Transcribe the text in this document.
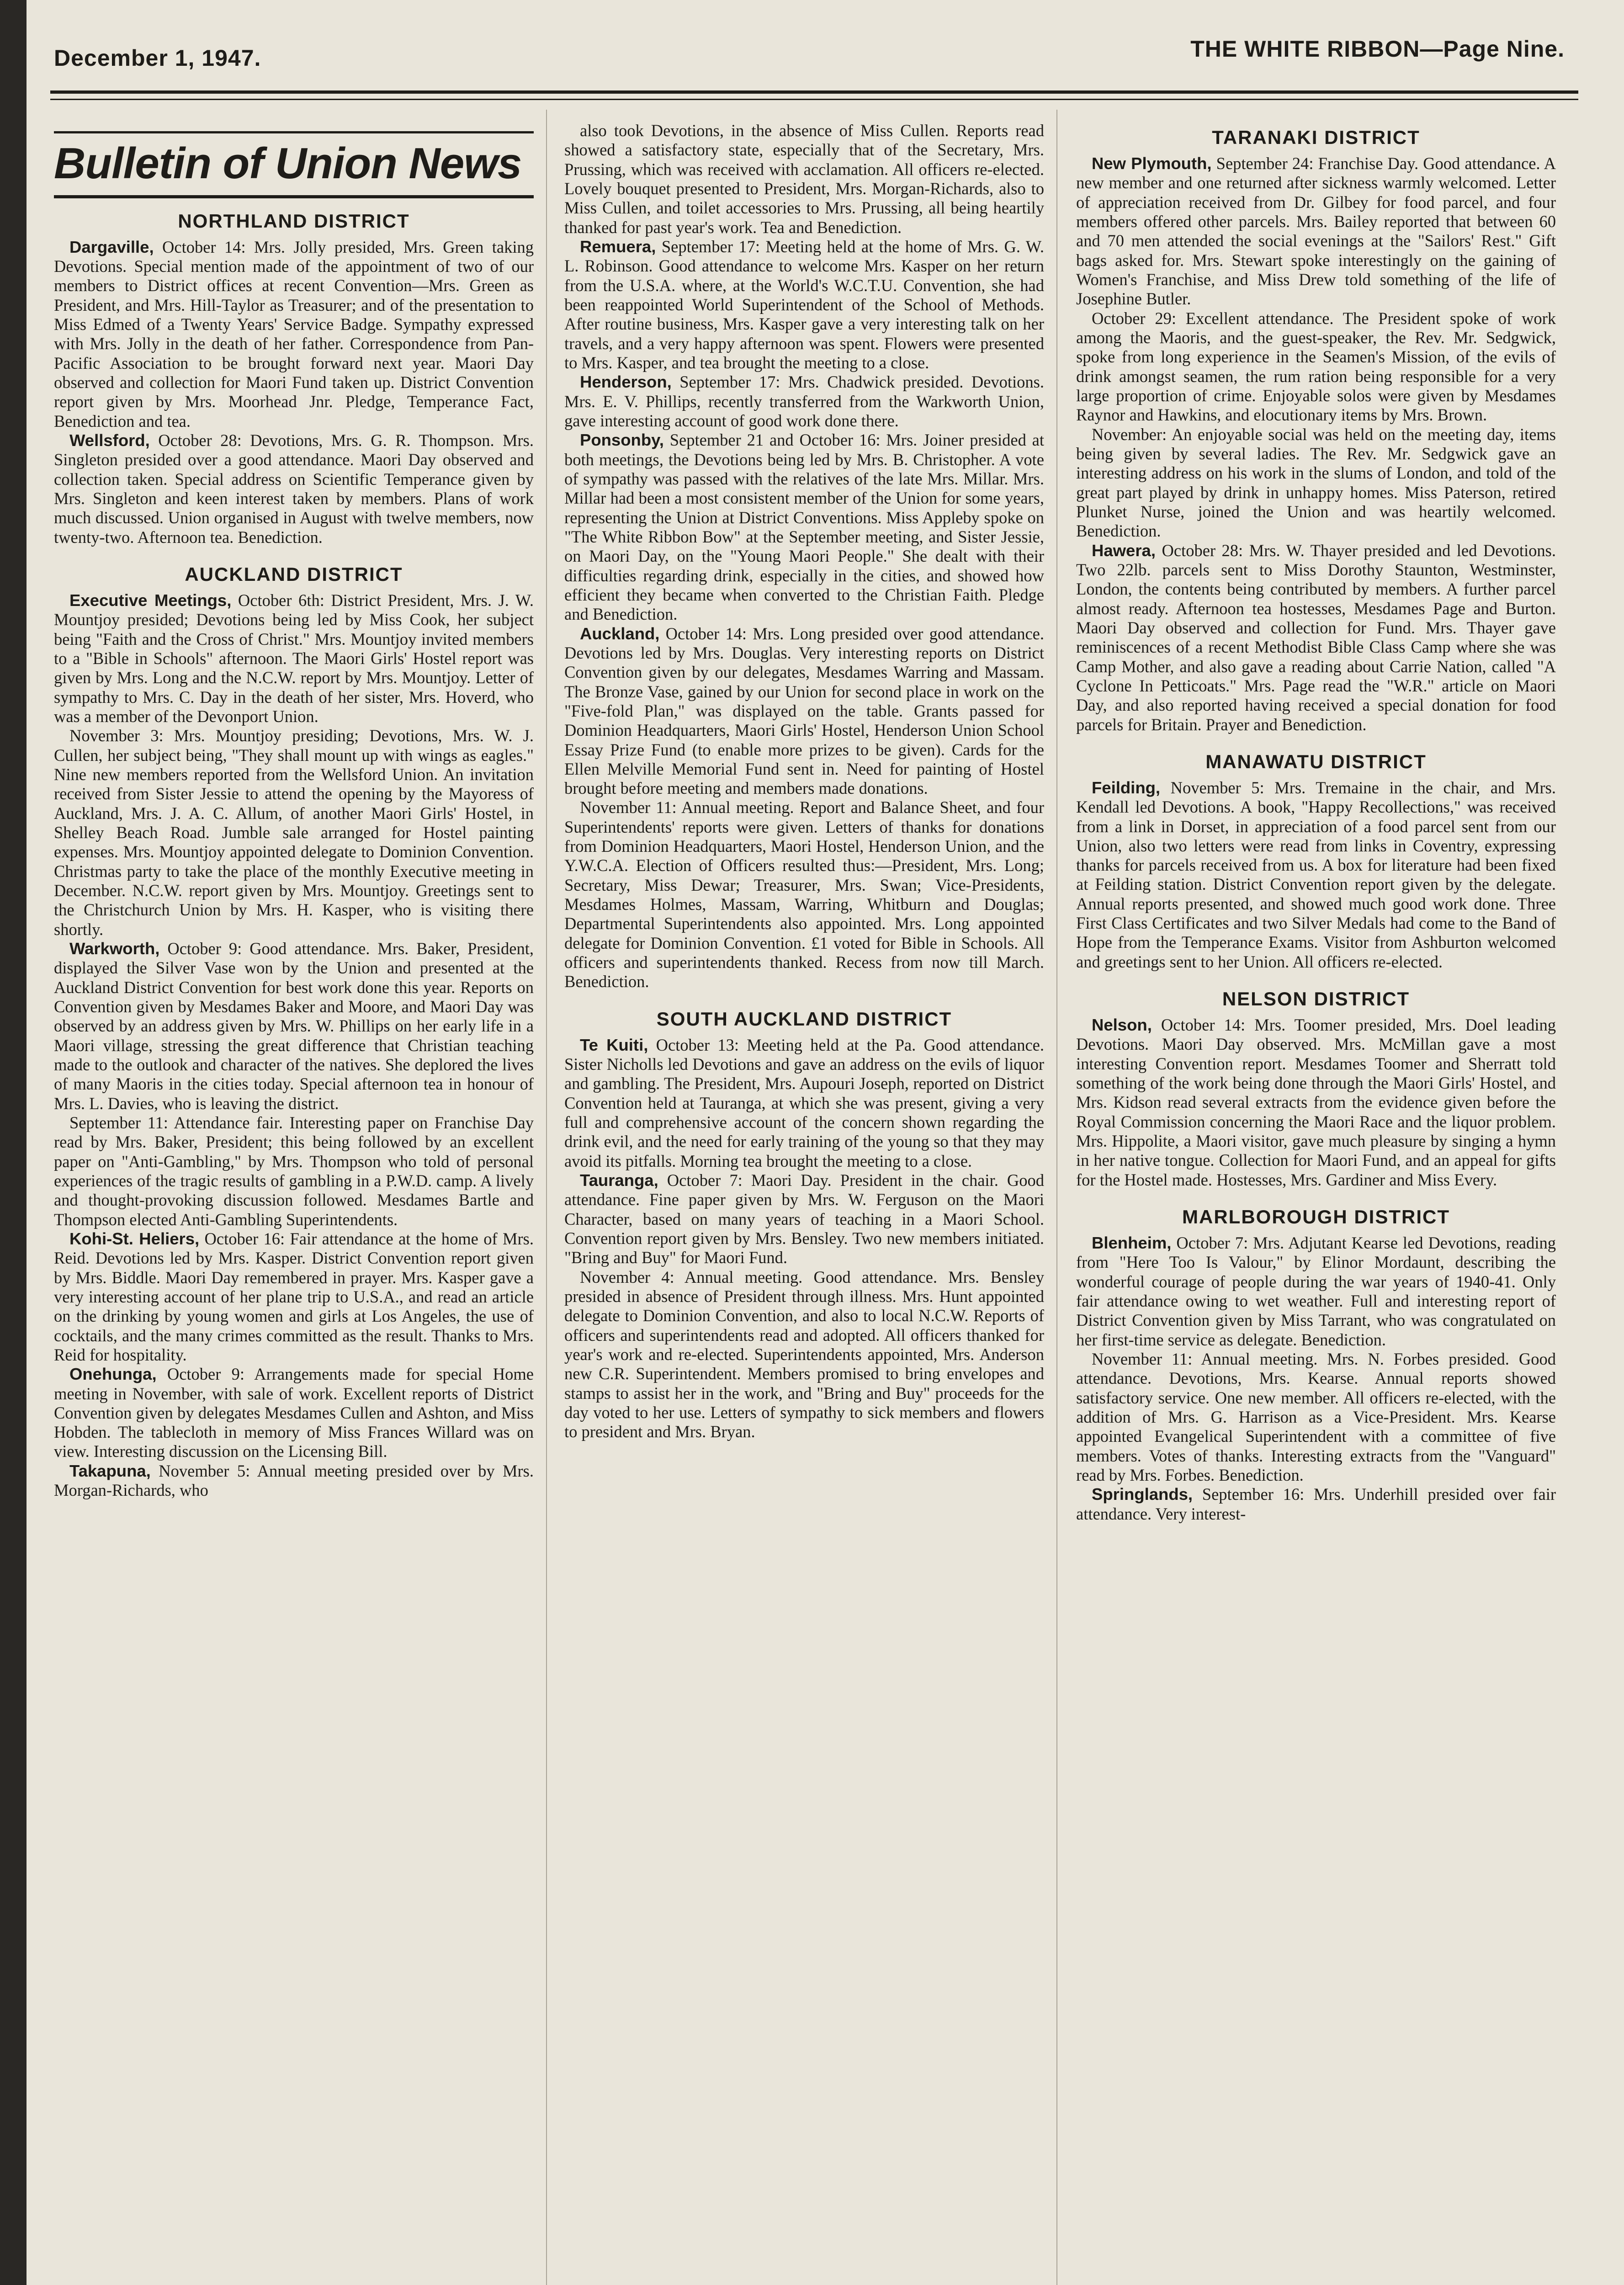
December 1, 1947.	THE WHITE RIBBON—Page Nine.
Bulletin of Union News
NORTHLAND DISTRICT

Dargaville, October 14: Mrs. Jolly presided, Mrs. Green taking Devotions. Special mention made of the appointment of two of our members to District offices at recent Convention—Mrs. Green as President, and Mrs. Hill-Taylor as Treasurer; and of the presentation to Miss Edmed of a Twenty Years' Service Badge. Sympathy expressed with Mrs. Jolly in the death of her father. Correspondence from Pan-Pacific Association to be brought forward next year. Maori Day observed and collection for Maori Fund taken up. District Convention report given by Mrs. Moorhead Jnr. Pledge, Temperance Fact, Benediction and tea.

Wellsford, October 28: Devotions, Mrs. G. R. Thompson. Mrs. Singleton presided over a good attendance. Maori Day observed and collection taken. Special address on Scientific Temperance given by Mrs. Singleton and keen interest taken by members. Plans of work much discussed. Union organised in August with twelve members, now twenty-two. Afternoon tea. Benediction.

AUCKLAND DISTRICT

Executive Meetings, October 6th: District President, Mrs. J. W. Mountjoy presided; Devotions being led by Miss Cook, her subject being "Faith and the Cross of Christ." Mrs. Mountjoy invited members to a "Bible in Schools" afternoon. The Maori Girls' Hostel report was given by Mrs. Long and the N.C.W. report by Mrs. Mountjoy. Letter of sympathy to Mrs. C. Day in the death of her sister, Mrs. Hoverd, who was a member of the Devonport Union.

November 3: Mrs. Mountjoy presiding; Devotions, Mrs. W. J. Cullen, her subject being, "They shall mount up with wings as eagles." Nine new members reported from the Wellsford Union. An invitation received from Sister Jessie to attend the opening by the Mayoress of Auckland, Mrs. J. A. C. Allum, of another Maori Girls' Hostel, in Shelley Beach Road. Jumble sale arranged for Hostel painting expenses. Mrs. Mountjoy appointed delegate to Dominion Convention. Christmas party to take the place of the monthly Executive meeting in December. N.C.W. report given by Mrs. Mountjoy. Greetings sent to the Christchurch Union by Mrs. H. Kasper, who is visiting there shortly.

Warkworth, October 9: Good attendance. Mrs. Baker, President, displayed the Silver Vase won by the Union and presented at the Auckland District Convention for best work done this year. Reports on Convention given by Mesdames Baker and Moore, and Maori Day was observed by an address given by Mrs. W. Phillips on her early life in a Maori village, stressing the great difference that Christian teaching made to the outlook and character of the natives. She deplored the lives of many Maoris in the cities today. Special afternoon tea in honour of Mrs. L. Davies, who is leaving the district.

September 11: Attendance fair. Interesting paper on Franchise Day read by Mrs. Baker, President; this being followed by an excellent paper on "Anti-Gambling," by Mrs. Thompson who told of personal experiences of the tragic results of gambling in a P.W.D. camp. A lively and thought-provoking discussion followed. Mesdames Bartle and Thompson elected Anti-Gambling Superintendents.

Kohi-St. Heliers, October 16: Fair attendance at the home of Mrs. Reid. Devotions led by Mrs. Kasper. District Convention report given by Mrs. Biddle. Maori Day remembered in prayer. Mrs. Kasper gave a very interesting account of her plane trip to U.S.A., and read an article on the drinking by young women and girls at Los Angeles, the use of cocktails, and the many crimes committed as the result. Thanks to Mrs. Reid for hospitality.

Onehunga, October 9: Arrangements made for special Home meeting in November, with sale of work. Excellent reports of District Convention given by delegates Mesdames Cullen and Ashton, and Miss Hobden. The tablecloth in memory of Miss Frances Willard was on view. Interesting discussion on the Licensing Bill.

Takapuna, November 5: Annual meeting presided over by Mrs. Morgan-Richards, who

also took Devotions, in the absence of Miss Cullen. Reports read showed a satisfactory state, especially that of the Secretary, Mrs. Prussing, which was received with acclamation. All officers re-elected. Lovely bouquet presented to President, Mrs. Morgan-Richards, also to Miss Cullen, and toilet accessories to Mrs. Prussing, all being heartily thanked for past year's work. Tea and Benediction.

Remuera, September 17: Meeting held at the home of Mrs. G. W. L. Robinson. Good attendance to welcome Mrs. Kasper on her return from the U.S.A. where, at the World's W.C.T.U. Convention, she had been reappointed World Superintendent of the School of Methods. After routine business, Mrs. Kasper gave a very interesting talk on her travels, and a very happy afternoon was spent. Flowers were presented to Mrs. Kasper, and tea brought the meeting to a close.

Henderson, September 17: Mrs. Chadwick presided. Devotions. Mrs. E. V. Phillips, recently transferred from the Warkworth Union, gave interesting account of good work done there.

Ponsonby, September 21 and October 16: Mrs. Joiner presided at both meetings, the Devotions being led by Mrs. B. Christopher. A vote of sympathy was passed with the relatives of the late Mrs. Millar. Mrs. Millar had been a most consistent member of the Union for some years, representing the Union at District Conventions. Miss Appleby spoke on "The White Ribbon Bow" at the September meeting, and Sister Jessie, on Maori Day, on the "Young Maori People." She dealt with their difficulties regarding drink, especially in the cities, and showed how efficient they became when converted to the Christian Faith. Pledge and Benediction.

Auckland, October 14: Mrs. Long presided over good attendance. Devotions led by Mrs. Douglas. Very interesting reports on District Convention given by our delegates, Mesdames Warring and Massam. The Bronze Vase, gained by our Union for second place in work on the "Five-fold Plan," was displayed on the table. Grants passed for Dominion Headquarters, Maori Girls' Hostel, Henderson Union School Essay Prize Fund (to enable more prizes to be given). Cards for the Ellen Melville Memorial Fund sent in. Need for painting of Hostel brought before meeting and members made donations.

November 11: Annual meeting. Report and Balance Sheet, and four Superintendents' reports were given. Letters of thanks for donations from Dominion Headquarters, Maori Hostel, Henderson Union, and the Y.W.C.A. Election of Officers resulted thus:—President, Mrs. Long; Secretary, Miss Dewar; Treasurer, Mrs. Swan; Vice-Presidents, Mesdames Holmes, Massam, Warring, Whitburn and Douglas; Departmental Superintendents also appointed. Mrs. Long appointed delegate for Dominion Convention. £1 voted for Bible in Schools. All officers and superintendents thanked. Recess from now till March. Benediction.

SOUTH AUCKLAND DISTRICT

Te Kuiti, October 13: Meeting held at the Pa. Good attendance. Sister Nicholls led Devotions and gave an address on the evils of liquor and gambling. The President, Mrs. Aupouri Joseph, reported on District Convention held at Tauranga, at which she was present, giving a very full and comprehensive account of the concern shown regarding the drink evil, and the need for early training of the young so that they may avoid its pitfalls. Morning tea brought the meeting to a close.

Tauranga, October 7: Maori Day. President in the chair. Good attendance. Fine paper given by Mrs. W. Ferguson on the Maori Character, based on many years of teaching in a Maori School. Convention report given by Mrs. Bensley. Two new members initiated. "Bring and Buy" for Maori Fund.

November 4: Annual meeting. Good attendance. Mrs. Bensley presided in absence of President through illness. Mrs. Hunt appointed delegate to Dominion Convention, and also to local N.C.W. Reports of officers and superintendents read and adopted. All officers thanked for year's work and re-elected. Superintendents appointed, Mrs. Anderson new C.R. Superintendent. Members promised to bring envelopes and stamps to assist her in the work, and "Bring and Buy" proceeds for the day voted to her use. Letters of sympathy to sick members and flowers to president and Mrs. Bryan.

TARANAKI DISTRICT

New Plymouth, September 24: Franchise Day. Good attendance. A new member and one returned after sickness warmly welcomed. Letter of appreciation received from Dr. Gilbey for food parcel, and four members offered other parcels. Mrs. Bailey reported that between 60 and 70 men attended the social evenings at the "Sailors' Rest." Gift bags asked for. Mrs. Stewart spoke interestingly on the gaining of Women's Franchise, and Miss Drew told something of the life of Josephine Butler.

October 29: Excellent attendance. The President spoke of work among the Maoris, and the guest-speaker, the Rev. Mr. Sedgwick, spoke from long experience in the Seamen's Mission, of the evils of drink amongst seamen, the rum ration being responsible for a very large proportion of crime. Enjoyable solos were given by Mesdames Raynor and Hawkins, and elocutionary items by Mrs. Brown.

November: An enjoyable social was held on the meeting day, items being given by several ladies. The Rev. Mr. Sedgwick gave an interesting address on his work in the slums of London, and told of the great part played by drink in unhappy homes. Miss Paterson, retired Plunket Nurse, joined the Union and was heartily welcomed. Benediction.

Hawera, October 28: Mrs. W. Thayer presided and led Devotions. Two 22lb. parcels sent to Miss Dorothy Staunton, Westminster, London, the contents being contributed by members. A further parcel almost ready. Afternoon tea hostesses, Mesdames Page and Burton. Maori Day observed and collection for Fund. Mrs. Thayer gave reminiscences of a recent Methodist Bible Class Camp where she was Camp Mother, and also gave a reading about Carrie Nation, called "A Cyclone In Petticoats." Mrs. Page read the "W.R." article on Maori Day, and also reported having received a special donation for food parcels for Britain. Prayer and Benediction.

MANAWATU DISTRICT

Feilding, November 5: Mrs. Tremaine in the chair, and Mrs. Kendall led Devotions. A book, "Happy Recollections," was received from a link in Dorset, in appreciation of a food parcel sent from our Union, also two letters were read from links in Coventry, expressing thanks for parcels received from us. A box for literature had been fixed at Feilding station. District Convention report given by the delegate. Annual reports presented, and showed much good work done. Three First Class Certificates and two Silver Medals had come to the Band of Hope from the Temperance Exams. Visitor from Ashburton welcomed and greetings sent to her Union. All officers re-elected.

NELSON DISTRICT

Nelson, October 14: Mrs. Toomer presided, Mrs. Doel leading Devotions. Maori Day observed. Mrs. McMillan gave a most interesting Convention report. Mesdames Toomer and Sherratt told something of the work being done through the Maori Girls' Hostel, and Mrs. Kidson read several extracts from the evidence given before the Royal Commission concerning the Maori Race and the liquor problem. Mrs. Hippolite, a Maori visitor, gave much pleasure by singing a hymn in her native tongue. Collection for Maori Fund, and an appeal for gifts for the Hostel made. Hostesses, Mrs. Gardiner and Miss Every.

MARLBOROUGH DISTRICT

Blenheim, October 7: Mrs. Adjutant Kearse led Devotions, reading from "Here Too Is Valour," by Elinor Mordaunt, describing the wonderful courage of people during the war years of 1940-41. Only fair attendance owing to wet weather. Full and interesting report of District Convention given by Miss Tarrant, who was congratulated on her first-time service as delegate. Benediction.

November 11: Annual meeting. Mrs. N. Forbes presided. Good attendance. Devotions, Mrs. Kearse. Annual reports showed satisfactory service. One new member. All officers re-elected, with the addition of Mrs. G. Harrison as a Vice-President. Mrs. Kearse appointed Evangelical Superintendent with a committee of five members. Votes of thanks. Interesting extracts from the "Vanguard" read by Mrs. Forbes. Benediction.

Springlands, September 16: Mrs. Underhill presided over fair attendance. Very interest-
